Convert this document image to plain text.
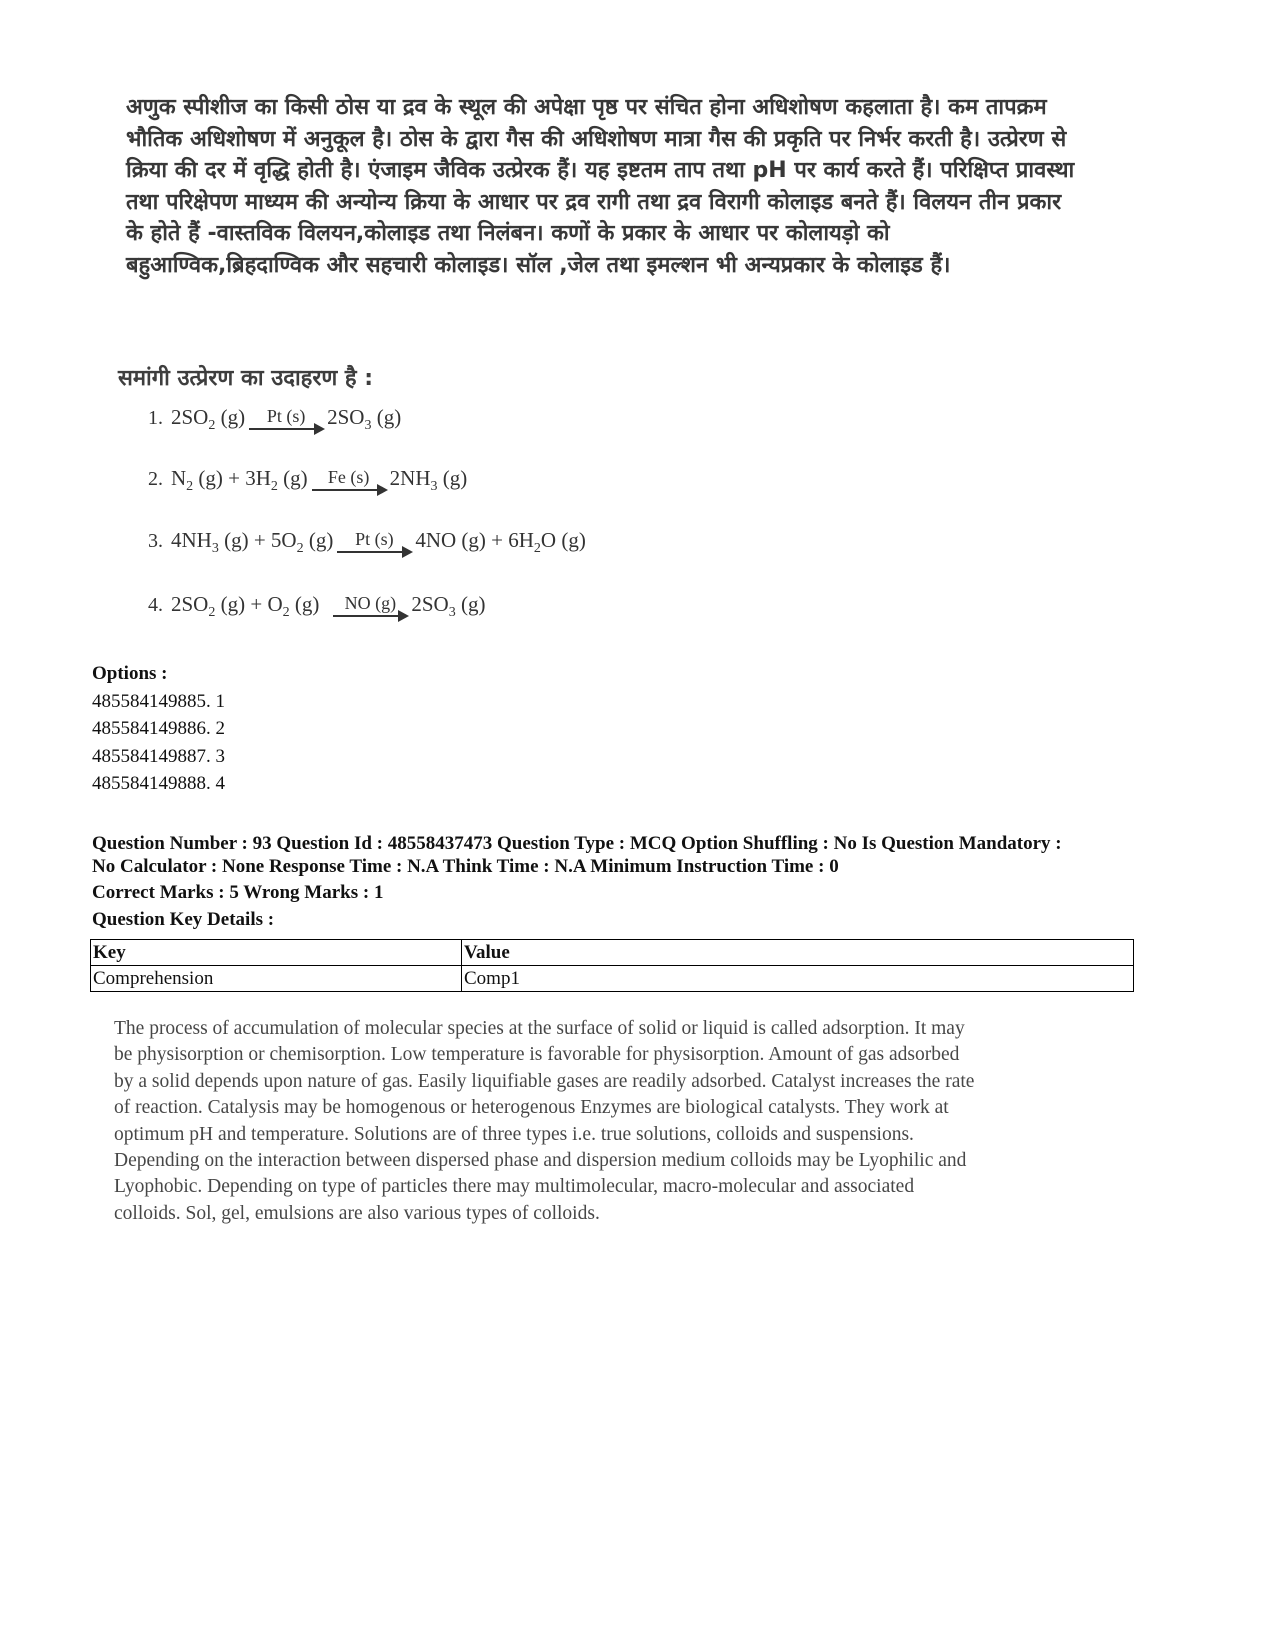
अणुक स्पीशीज का किसी ठोस या द्रव के स्थूल की अपेक्षा पृष्ठ पर संचित होना अधिशोषण कहलाता है। कम तापक्रम

भौतिक अधिशोषण में अनुकूल है। ठोस के द्वारा गैस की अधिशोषण मात्रा गैस की प्रकृति पर निर्भर करती है। उत्प्रेरण से

क्रिया की दर में वृद्धि होती है। एंजाइम जैविक उत्प्रेरक हैं। यह इष्टतम ताप तथा pH पर कार्य करते हैं। परिक्षिप्त प्रावस्था

तथा परिक्षेपण माध्यम की अन्योन्य क्रिया के आधार पर द्रव रागी तथा द्रव विरागी कोलाइड बनते हैं। विलयन तीन प्रकार

के होते हैं -वास्तविक विलयन,कोलाइड तथा निलंबन। कणों के प्रकार के आधार पर कोलायड़ो को

बहुआण्विक,ब्रिहदाण्विक और सहचारी कोलाइड। सॉल ,जेल तथा इमल्शन भी अन्यप्रकार के कोलाइड हैं।

समांगी उत्प्रेरण का उदाहरण है :
1. $2SO_2$ (g) Pt (s) $2SO_3$ (g)
2. $N_2$ $(g) + 3H_2$ (g) Fe (s) $2NH_3$ (g)
3. $4NH_3$ $(g) + 5O_2$ (g) Pt (s) 4NO $(g) + 6H_2O$ (g)
4. $2SO_2$ $(g) + O_2$ (g) NO (g) $2SO_3$ (g)
Options :
485584149885. 1
485584149886. 2
485584149887. 3
485584149888. 4
Question Number : 93 Question Id : 48558437473 Question Type : MCQ Option Shuffling : No Is Question Mandatory :
No Calculator : None Response Time : N.A Think Time : N.A Minimum Instruction Time : 0
Correct Marks : 5 Wrong Marks : 1
Question Key Details :
Key	Value
Comprehension	Comp1

The process of accumulation of molecular species at the surface of solid or liquid is called adsorption. It may

be physisorption or chemisorption. Low temperature is favorable for physisorption. Amount of gas adsorbed

by a solid depends upon nature of gas. Easily liquifiable gases are readily adsorbed. Catalyst increases the rate

of reaction. Catalysis may be homogenous or heterogenous Enzymes are biological catalysts. They work at

optimum pH and temperature. Solutions are of three types i.e. true solutions, colloids and suspensions.

Depending on the interaction between dispersed phase and dispersion medium colloids may be Lyophilic and

Lyophobic. Depending on type of particles there may multimolecular, macro-molecular and associated

colloids. Sol, gel, emulsions are also various types of colloids.
